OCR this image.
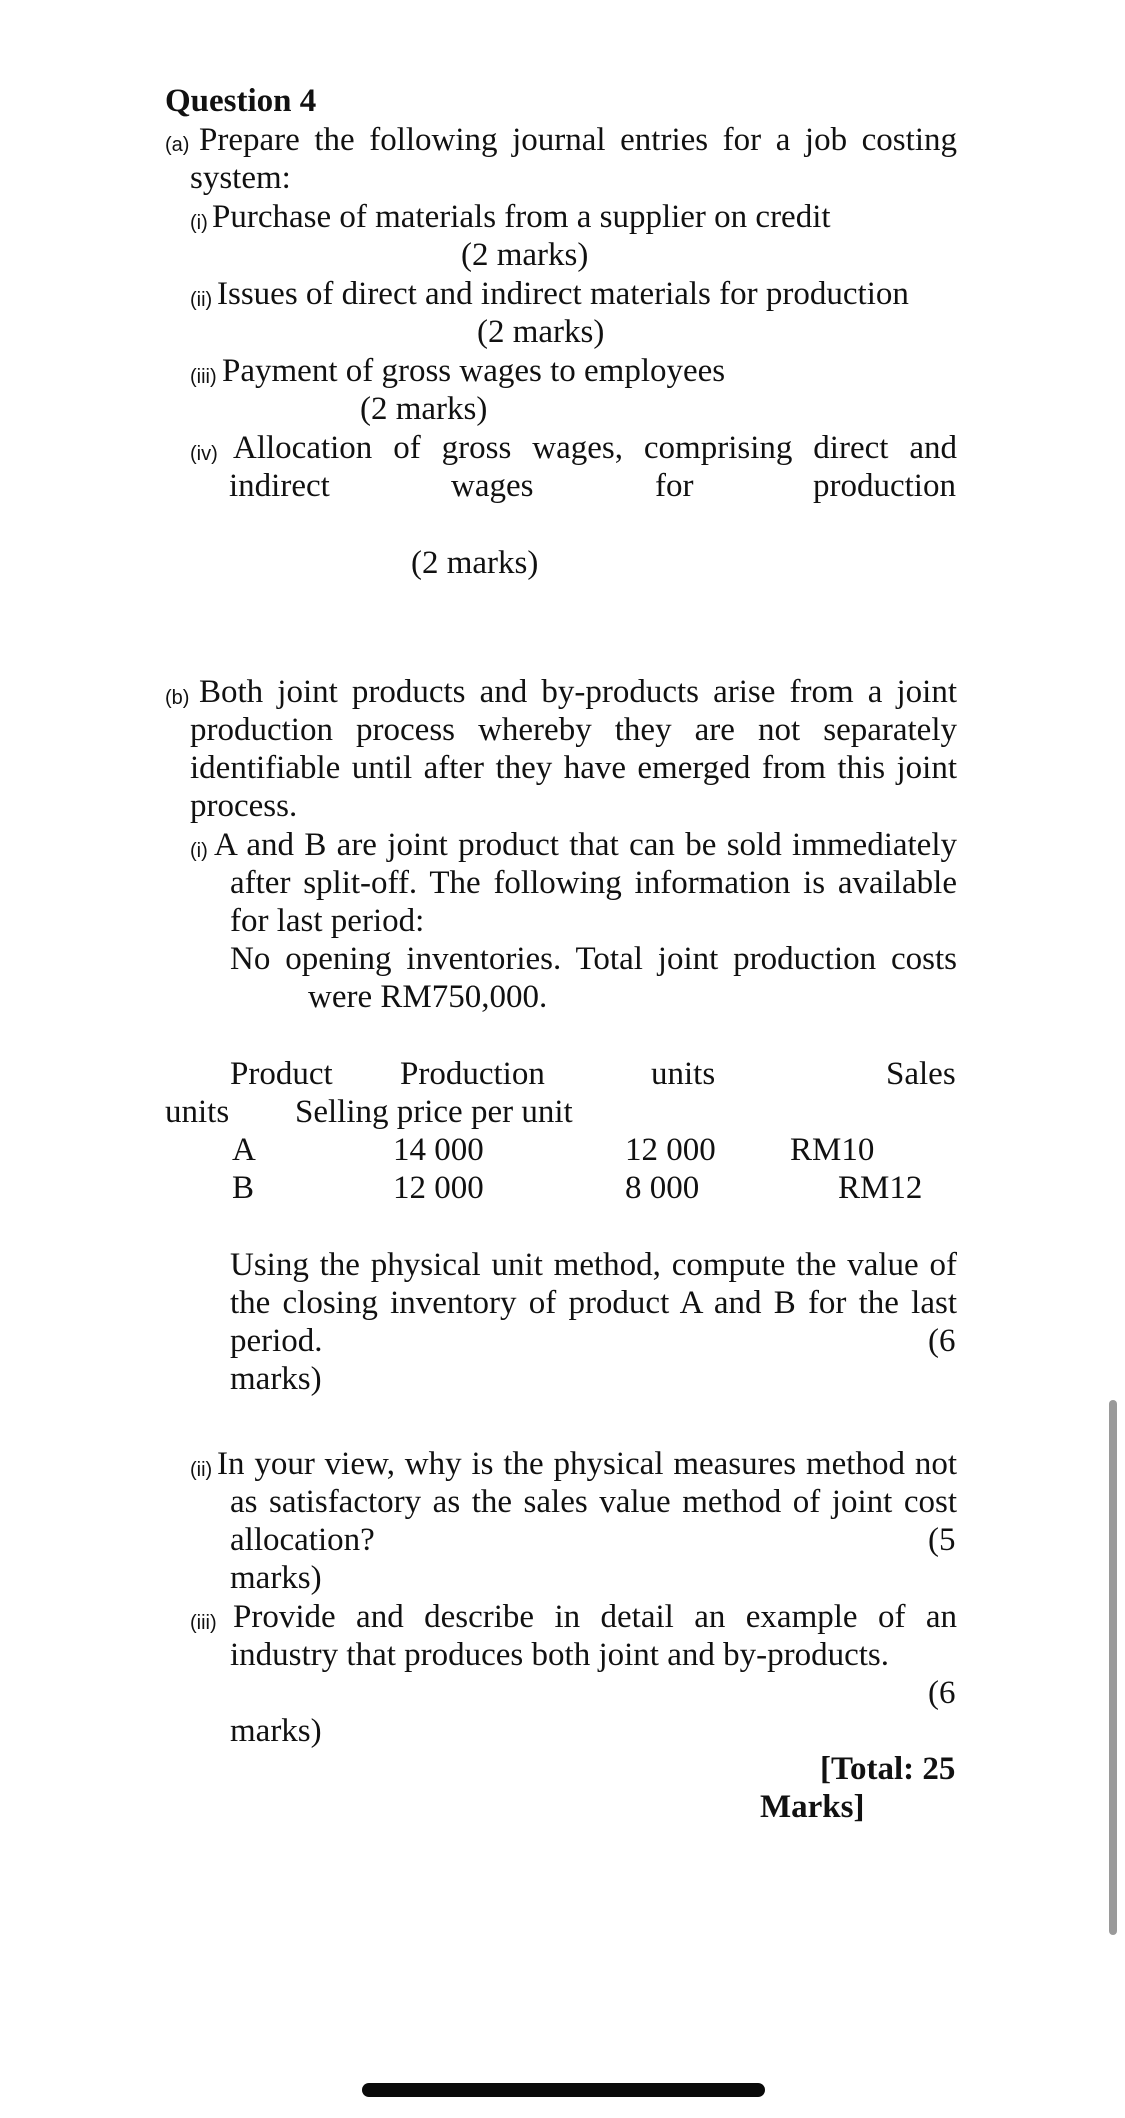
Question 4
(a) Prepare the following journal entries for a job costing
system:
(i) Purchase of materials from a supplier on credit
(2 marks)
(ii) Issues of direct and indirect materials for production
(2 marks)
(iii) Payment of gross wages to employees
(2 marks)
(iv) Allocation of gross wages, comprising direct and
indirect	wages	for	production
(2 marks)
(b) Both joint products and by-products arise from a joint
production process whereby they are not separately
identifiable until after they have emerged from this joint
process.
(i) A and B are joint product that can be sold immediately
after split-off. The following information is available
for last period:
No opening inventories. Total joint production costs
were RM750,000.
Product Production	units	Sales
units Selling price per unit
A	14 000	12 000 RM10
B	12 000	8 000	RM12
Using the physical unit method, compute the value of
the closing inventory of product A and B for the last
period.	(6
marks)
(ii) In your view, why is the physical measures method not
as satisfactory as the sales value method of joint cost
allocation?	(5
marks)
(iii) Provide and describe in detail an example of an
industry that produces both joint and by-products.
(6
marks)
[Total: 25
Marks]
